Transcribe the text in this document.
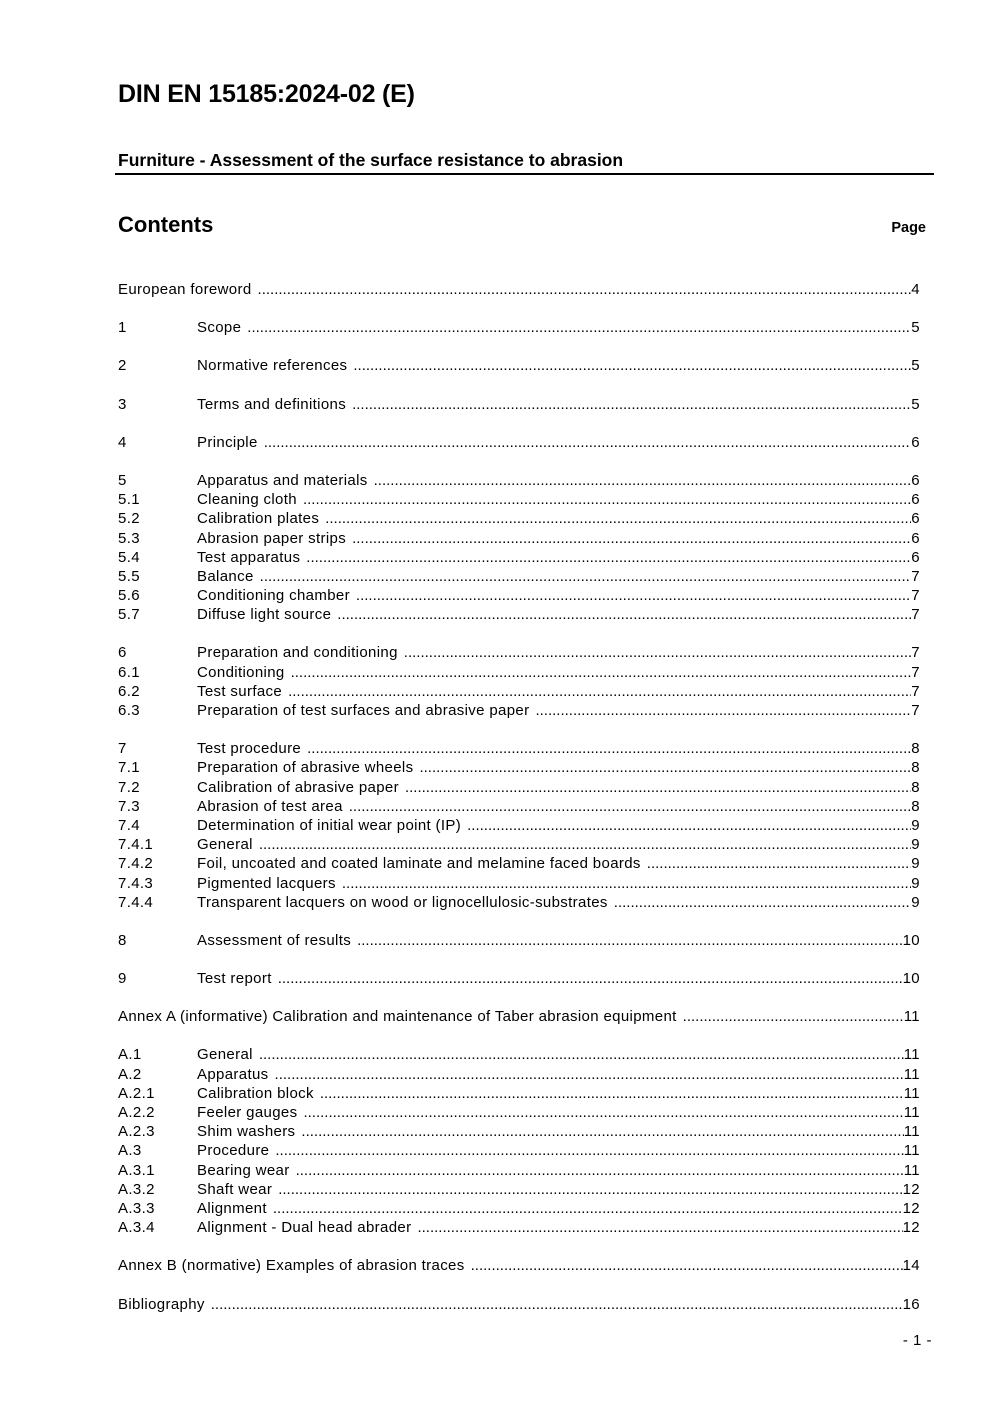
DIN EN 15185:2024-02 (E)
Furniture - Assessment of the surface resistance to abrasion
Contents	Page
European foreword .....	4
1	Scope .....	5
2	Normative references .....	5
3	Terms and definitions .....	5
4	Principle .....	6
5	Apparatus and materials .....	6
5.1	Cleaning cloth .....	6
5.2	Calibration plates .....	6
5.3	Abrasion paper strips .....	6
5.4	Test apparatus .....	6
5.5	Balance .....	7
5.6	Conditioning chamber .....	7
5.7	Diffuse light source .....	7
6	Preparation and conditioning .....	7
6.1	Conditioning .....	7
6.2	Test surface .....	7
6.3	Preparation of test surfaces and abrasive paper .....	7
7	Test procedure .....	8
7.1	Preparation of abrasive wheels .....	8
7.2	Calibration of abrasive paper .....	8
7.3	Abrasion of test area .....	8
7.4	Determination of initial wear point (IP) .....	9
7.4.1	General .....	9
7.4.2	Foil, uncoated and coated laminate and melamine faced boards .....	9
7.4.3	Pigmented lacquers .....	9
7.4.4	Transparent lacquers on wood or lignocellulosic-substrates .....	9
8	Assessment of results .....	10
9	Test report .....	10
Annex A (informative) Calibration and maintenance of Taber abrasion equipment .....	11
A.1	General .....	11
A.2	Apparatus .....	11
A.2.1	Calibration block .....	11
A.2.2	Feeler gauges .....	11
A.2.3	Shim washers .....	11
A.3	Procedure .....	11
A.3.1	Bearing wear .....	11
A.3.2	Shaft wear .....	12
A.3.3	Alignment .....	12
A.3.4	Alignment - Dual head abrader .....	12
Annex B (normative) Examples of abrasion traces .....	14
Bibliography .....	16
- 1 -
